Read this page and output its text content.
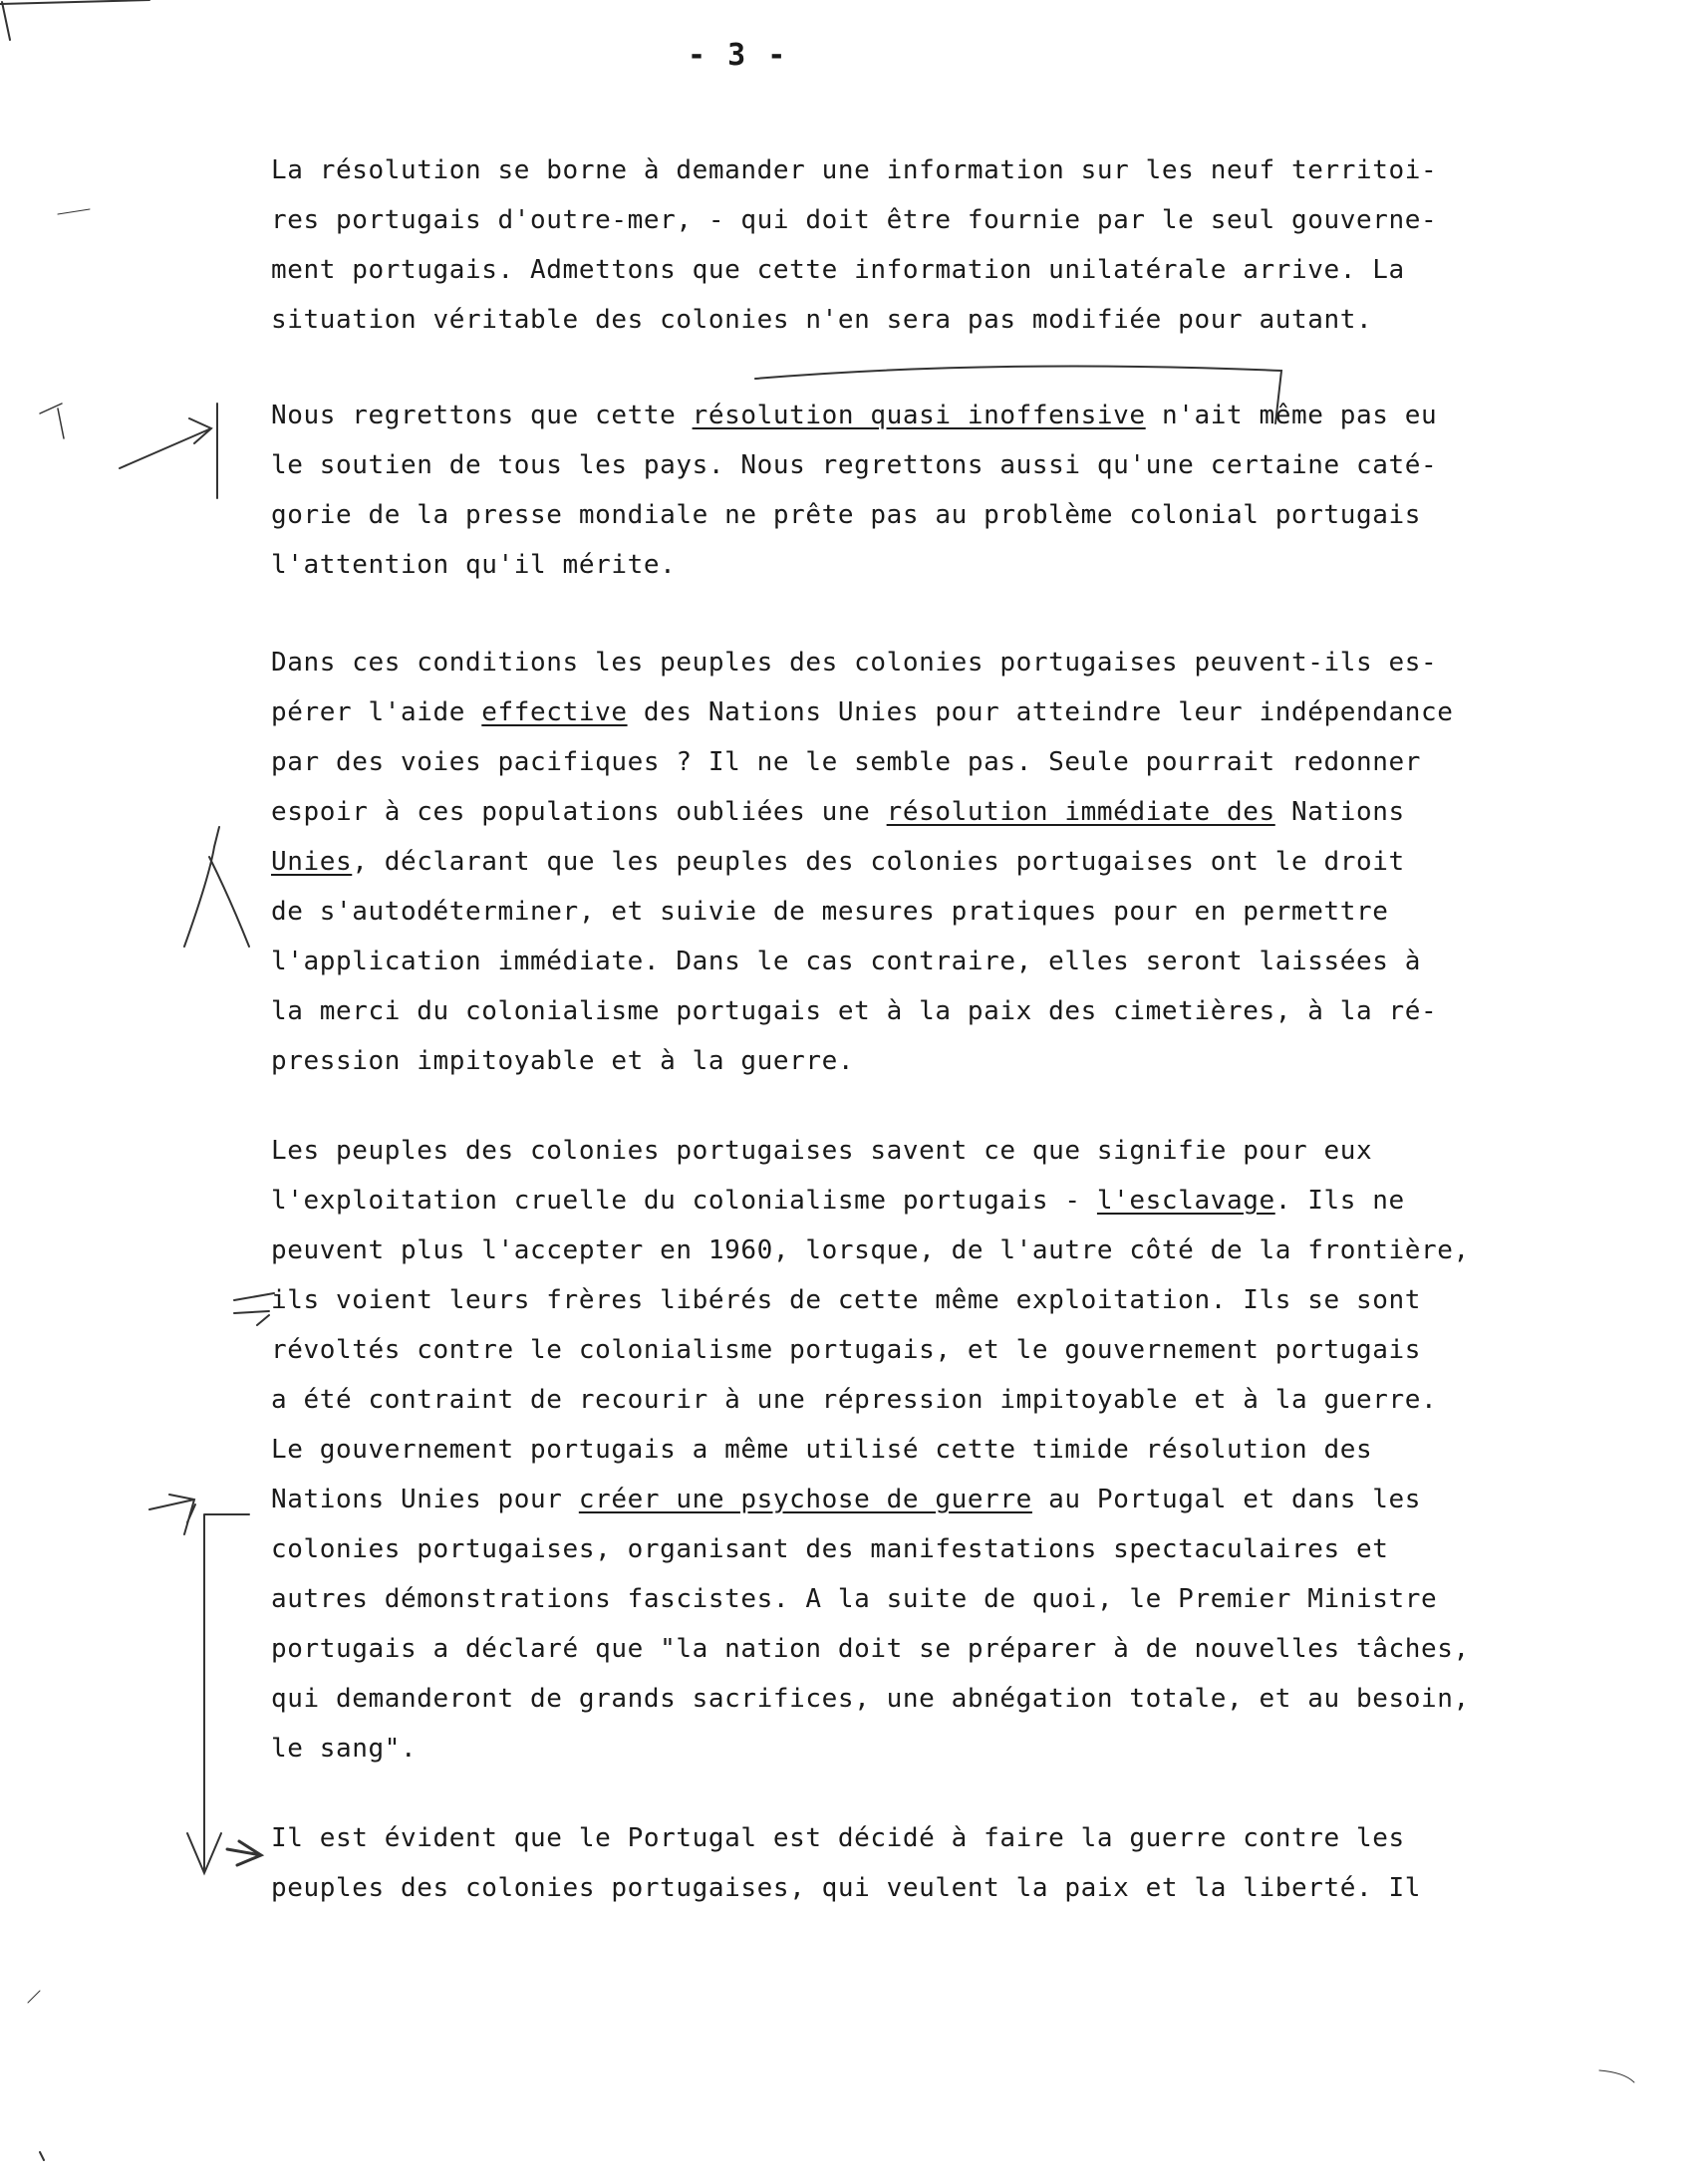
- 3 -
La résolution se borne à demander une information sur les neuf territoi-
res portugais d'outre-mer, - qui doit être fournie par le seul gouverne-
ment portugais. Admettons que cette information unilatérale arrive. La
situation véritable des colonies n'en sera pas modifiée pour autant.
Nous regrettons que cette résolution quasi inoffensive n'ait même pas eu
le soutien de tous les pays. Nous regrettons aussi qu'une certaine caté-
gorie de la presse mondiale ne prête pas au problème colonial portugais
l'attention qu'il mérite.
Dans ces conditions les peuples des colonies portugaises peuvent-ils es-
pérer l'aide effective des Nations Unies pour atteindre leur indépendance
par des voies pacifiques ? Il ne le semble pas. Seule pourrait redonner
espoir à ces populations oubliées une résolution immédiate des Nations
Unies, déclarant que les peuples des colonies portugaises ont le droit
de s'autodéterminer, et suivie de mesures pratiques pour en permettre
l'application immédiate. Dans le cas contraire, elles seront laissées à
la merci du colonialisme portugais et à la paix des cimetières, à la ré-
pression impitoyable et à la guerre.
Les peuples des colonies portugaises savent ce que signifie pour eux
l'exploitation cruelle du colonialisme portugais - l'esclavage. Ils ne
peuvent plus l'accepter en 1960, lorsque, de l'autre côté de la frontière,
ils voient leurs frères libérés de cette même exploitation. Ils se sont
révoltés contre le colonialisme portugais, et le gouvernement portugais
a été contraint de recourir à une répression impitoyable et à la guerre.
Le gouvernement portugais a même utilisé cette timide résolution des
Nations Unies pour créer une psychose de guerre au Portugal et dans les
colonies portugaises, organisant des manifestations spectaculaires et
autres démonstrations fascistes. A la suite de quoi, le Premier Ministre
portugais a déclaré que "la nation doit se préparer à de nouvelles tâches,
qui demanderont de grands sacrifices, une abnégation totale, et au besoin,
le sang".
Il est évident que le Portugal est décidé à faire la guerre contre les
peuples des colonies portugaises, qui veulent la paix et la liberté. Il
